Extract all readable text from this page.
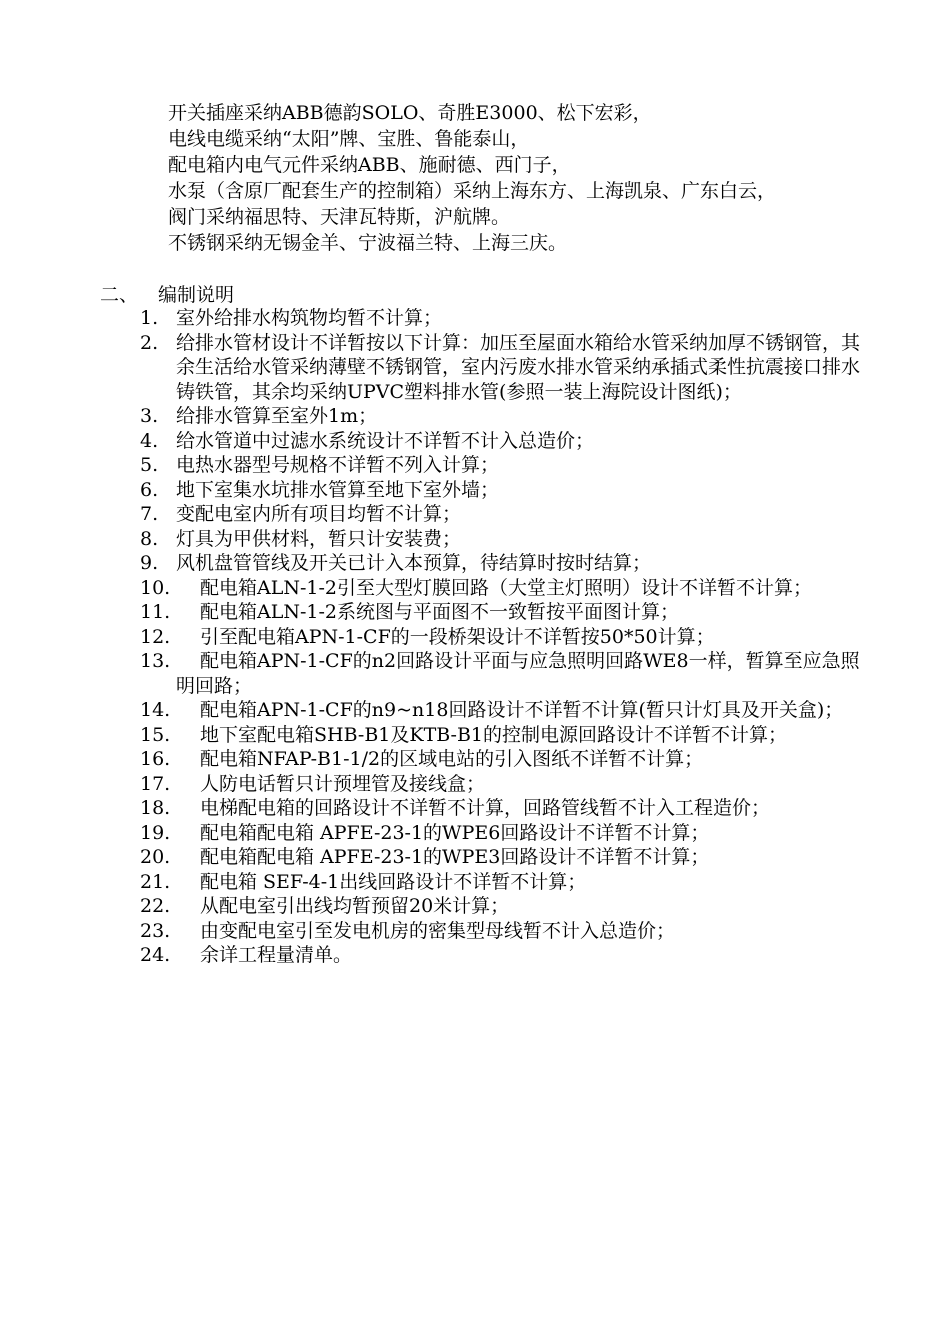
开关插座采纳ABB德韵SOLO、奇胜E3000、松下宏彩，

电线电缆采纳“太阳”牌、宝胜、鲁能泰山，

配电箱内电气元件采纳ABB、施耐德、西门子，

水泵（含原厂配套生产的控制箱）采纳上海东方、上海凯泉、广东白云，

阀门采纳福思特、天津瓦特斯，沪航牌。

不锈钢采纳无锡金羊、宁波福兰特、上海三庆。

二、 编制说明
1. 室外给排水构筑物均暂不计算；
2. 给排水管材设计不详暂按以下计算：加压至屋面水箱给水管采纳加厚不锈钢管，其余生活给水管采纳薄壁不锈钢管，室内污废水排水管采纳承插式柔性抗震接口排水铸铁管，其余均采纳UPVC塑料排水管(参照一装上海院设计图纸)；
3. 给排水管算至室外1m；
4. 给水管道中过滤水系统设计不详暂不计入总造价；
5. 电热水器型号规格不详暂不列入计算；
6. 地下室集水坑排水管算至地下室外墙；
7. 变配电室内所有项目均暂不计算；
8. 灯具为甲供材料，暂只计安装费；
9. 风机盘管管线及开关已计入本预算，待结算时按时结算；
10.	配电箱ALN-1-2引至大型灯膜回路（大堂主灯照明）设计不详暂不计算；
11.	配电箱ALN-1-2系统图与平面图不一致暂按平面图计算；
12.	引至配电箱APN-1-CF的一段桥架设计不详暂按50*50计算；
13.	配电箱APN-1-CF的n2回路设计平面与应急照明回路WE8一样，暂算至应急照明回路；
14.	配电箱APN-1-CF的n9~n18回路设计不详暂不计算(暂只计灯具及开关盒)；
15.	地下室配电箱SHB-B1及KTB-B1的控制电源回路设计不详暂不计算；
16.	配电箱NFAP-B1-1/2的区域电站的引入图纸不详暂不计算；
17.	人防电话暂只计预埋管及接线盒；
18.	电梯配电箱的回路设计不详暂不计算，回路管线暂不计入工程造价；
19.	配电箱配电箱 APFE-23-1的WPE6回路设计不详暂不计算；
20.	配电箱配电箱 APFE-23-1的WPE3回路设计不详暂不计算；
21.	配电箱 SEF-4-1出线回路设计不详暂不计算；
22.	从配电室引出线均暂预留20米计算；
23.	由变配电室引至发电机房的密集型母线暂不计入总造价；
24.	余详工程量清单。
